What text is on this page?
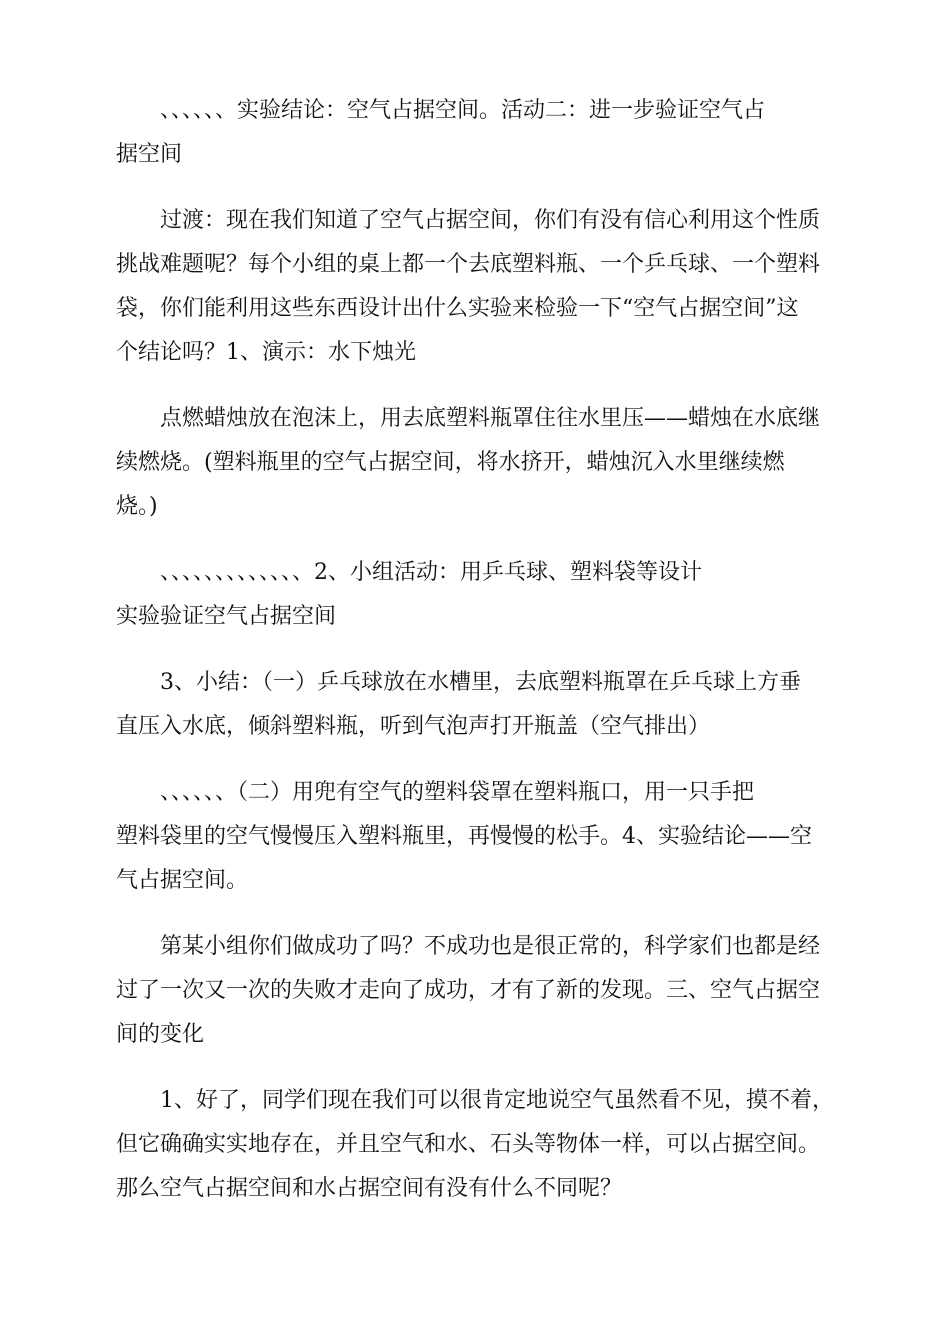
、、、、、、实验结论：空气占据空间。活动二：进一步验证空气占
据空间

过渡：现在我们知道了空气占据空间，你们有没有信心利用这个性质
挑战难题呢？每个小组的桌上都一个去底塑料瓶、一个乒乓球、一个塑料
袋，你们能利用这些东西设计出什么实验来检验一下“空气占据空间”这
个结论吗？1、演示：水下烛光

点燃蜡烛放在泡沫上，用去底塑料瓶罩住往水里压——蜡烛在水底继
续燃烧。(塑料瓶里的空气占据空间，将水挤开，蜡烛沉入水里继续燃
烧。)

、、、、、、、、、、、、、2、小组活动：用乒乓球、塑料袋等设计
实验验证空气占据空间

3、小结：（一）乒乓球放在水槽里，去底塑料瓶罩在乒乓球上方垂
直压入水底，倾斜塑料瓶，听到气泡声打开瓶盖（空气排出）

、、、、、、（二）用兜有空气的塑料袋罩在塑料瓶口，用一只手把
塑料袋里的空气慢慢压入塑料瓶里，再慢慢的松手。4、实验结论——空
气占据空间。

第某小组你们做成功了吗？不成功也是很正常的，科学家们也都是经
过了一次又一次的失败才走向了成功，才有了新的发现。三、空气占据空
间的变化

1、好了，同学们现在我们可以很肯定地说空气虽然看不见，摸不着，
但它确确实实地存在，并且空气和水、石头等物体一样，可以占据空间。
那么空气占据空间和水占据空间有没有什么不同呢？
